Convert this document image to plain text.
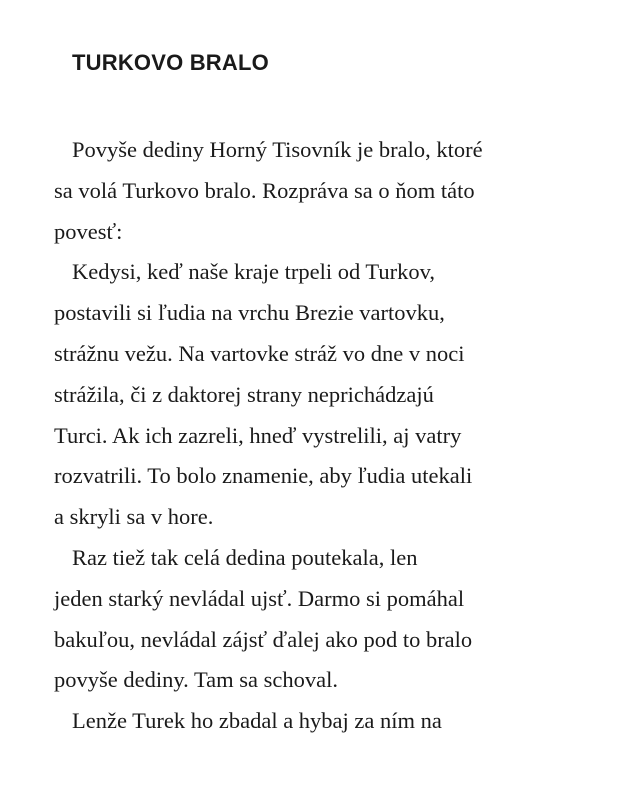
TURKOVO BRALO

Povyše dediny Horný Tisovník je bralo, ktoré
sa volá Turkovo bralo. Rozpráva sa o ňom táto
povesť:

Kedysi, keď naše kraje trpeli od Turkov,
postavili si ľudia na vrchu Brezie vartovku,
strážnu vežu. Na vartovke stráž vo dne v noci
strážila, či z daktorej strany neprichádzajú
Turci. Ak ich zazreli, hneď vystrelili, aj vatry
rozvatrili. To bolo znamenie, aby ľudia utekali
a skryli sa v hore.

Raz tiež tak celá dedina poutekala, len
jeden starký nevládal ujsť. Darmo si pomáhal
bakuľou, nevládal zájsť ďalej ako pod to bralo
povyše dediny. Tam sa schoval.

Lenže Turek ho zbadal a hybaj za ním na
